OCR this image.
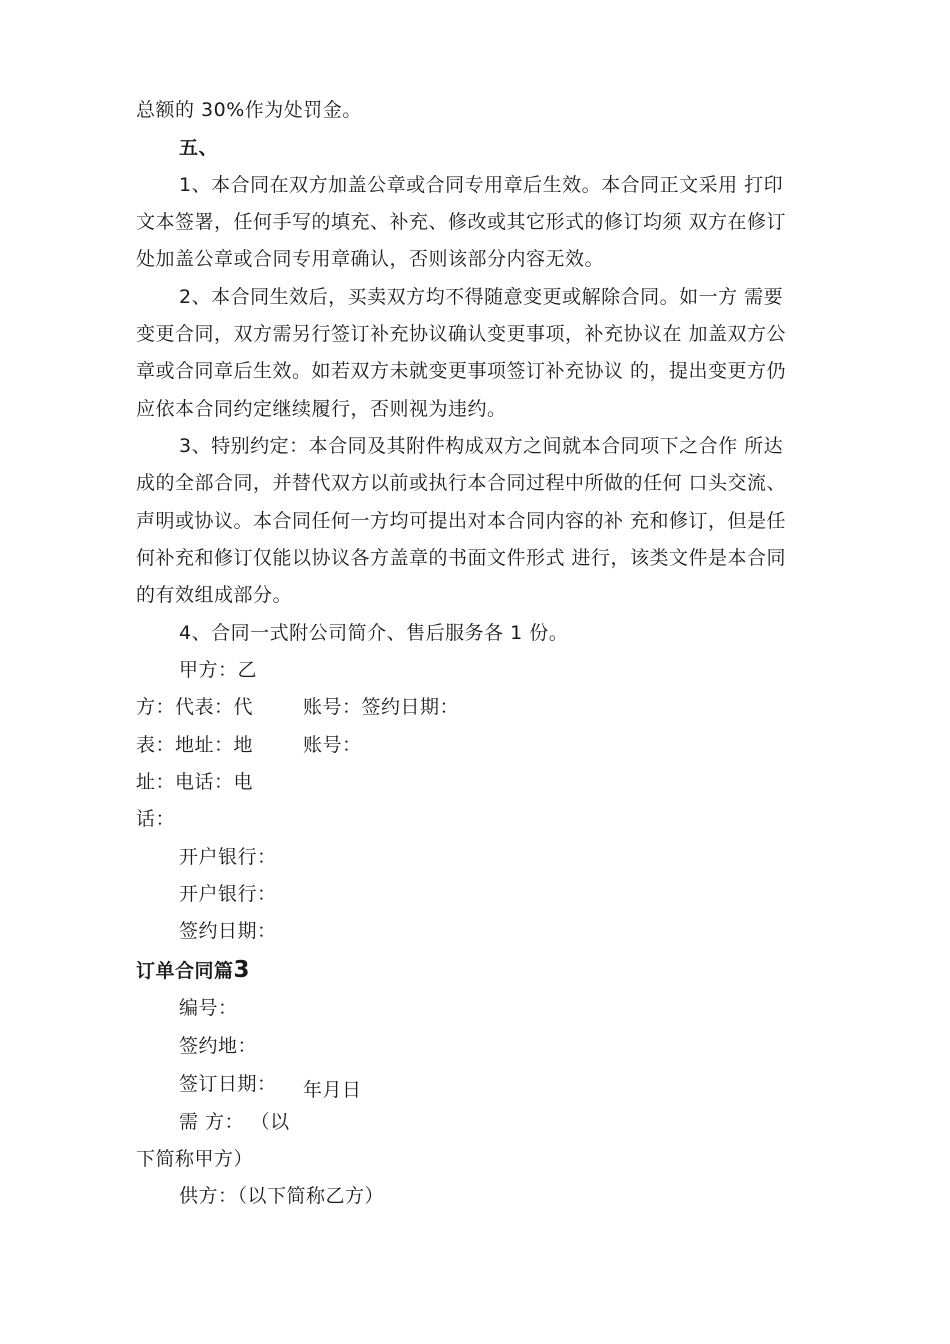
总额的 30%作为处罚金。
五、
1、本合同在双方加盖公章或合同专用章后生效。本合同正文采用 打印
文本签署，任何手写的填充、补充、修改或其它形式的修订均须 双方在修订
处加盖公章或合同专用章确认，否则该部分内容无效。
2、本合同生效后，买卖双方均不得随意变更或解除合同。如一方 需要
变更合同，双方需另行签订补充协议确认变更事项，补充协议在 加盖双方公
章或合同章后生效。如若双方未就变更事项签订补充协议 的，提出变更方仍
应依本合同约定继续履行，否则视为违约。
3、特别约定：本合同及其附件构成双方之间就本合同项下之合作 所达
成的全部合同，并替代双方以前或执行本合同过程中所做的任何 口头交流、
声明或协议。本合同任何一方均可提出对本合同内容的补 充和修订，但是任
何补充和修订仅能以协议各方盖章的书面文件形式 进行，该类文件是本合同
的有效组成部分。
4、合同一式附公司简介、售后服务各 1 份。
甲方：乙
方：代表：代	账号：签约日期：
表：地址：地	账号：
址：电话：电
话：
开户银行：
开户银行：
签约日期：
订单合同篇3
编号：
签约地：
签订日期： 年月日
需 方： （以
下简称甲方）
供方：（以下简称乙方）
